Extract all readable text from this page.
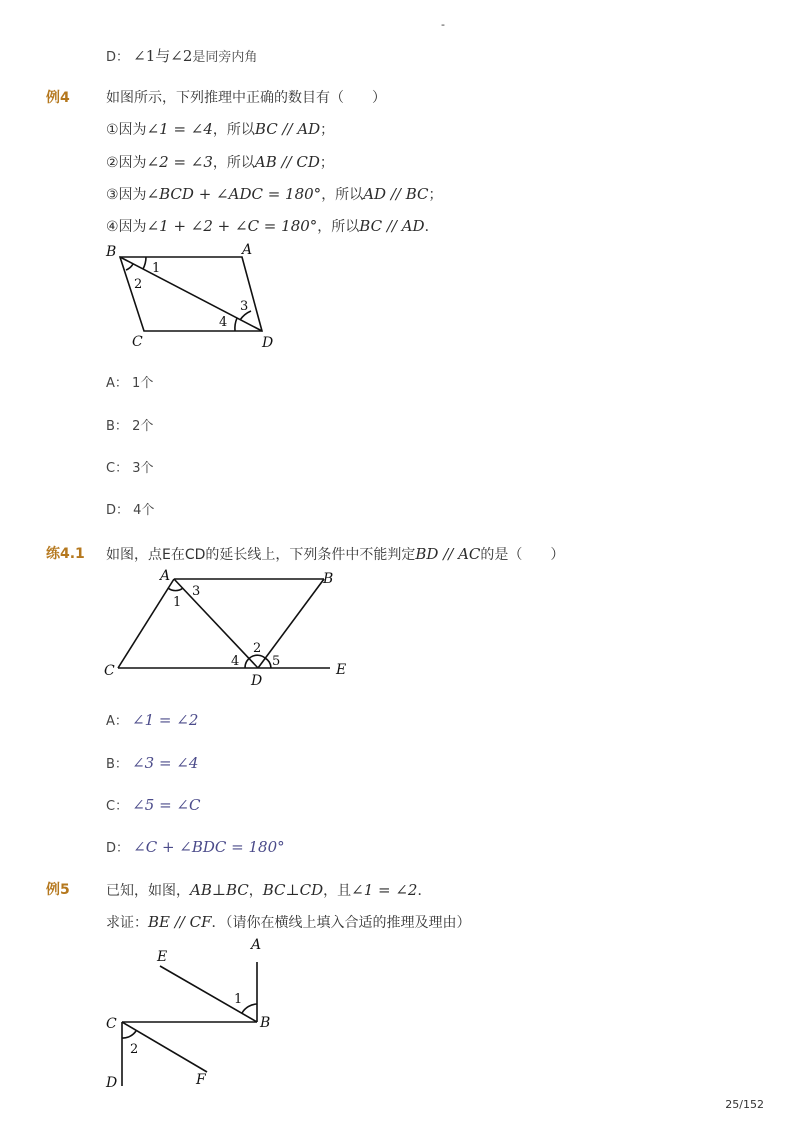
-
D： ∠1与∠2是同旁内角
例4	如图所示，下列推理中正确的数目有（　　）
①因为∠1 = ∠4，所以BC // AD；
②因为∠2 = ∠3，所以AB // CD；
③因为∠BCD + ∠ADC = 180°，所以AD // BC；
④因为∠1 + ∠2 + ∠C = 180°，所以BC // AD．
B	A
C	D
1
2
3
4
A： 1个
B： 2个
C： 3个
D： 4个
练4.1 如图，点E在CD的延长线上，下列条件中不能判定BD // AC的是（　　）
A	B
C
D
E
1
3
2
4	5
A： ∠1 = ∠2
B： ∠3 = ∠4
C： ∠5 = ∠C
D： ∠C + ∠BDC = 180°
例5	已知，如图，AB⊥BC，BC⊥CD，且∠1 = ∠2．
求证：BE // CF．（请你在横线上填入合适的推理及理由）
A
E
C	B
D	F
1
2
25/152
